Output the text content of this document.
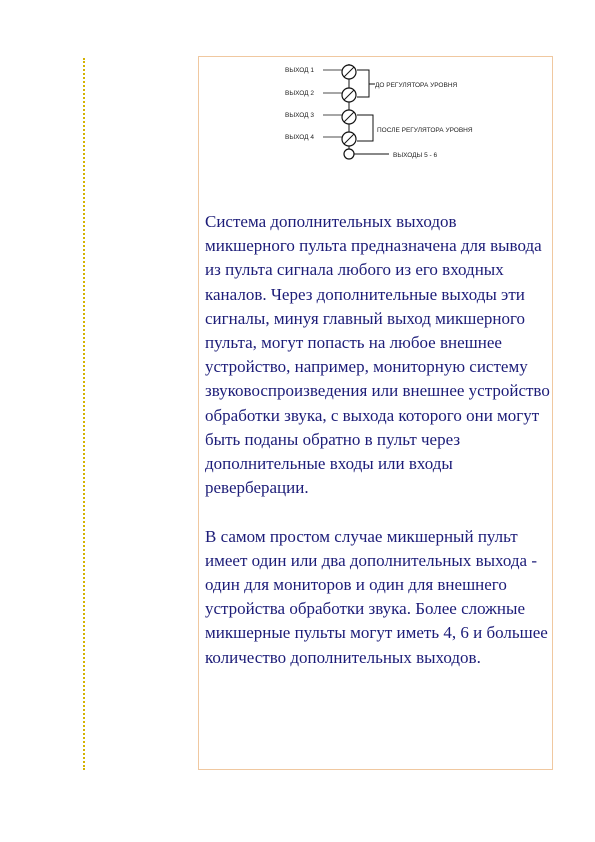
ВЫХОД 1
ВЫХОД 2
ВЫХОД 3
ВЫХОД 4
ДО РЕГУЛЯТОРА УРОВНЯ
ПОСЛЕ РЕГУЛЯТОРА УРОВНЯ
ВЫХОДЫ 5 - 6

Система дополнительных выходов микшерного пульта предназначена для вывода из пульта сигнала любого из его входных каналов. Через дополнительные выходы эти сигналы, минуя главный выход микшерного пульта, могут попасть на любое внешнее устройство, например, мониторную систему звуковоспроизведения или внешнее устройство обработки звука, с выхода которого они могут быть поданы обратно в пульт через дополнительные входы или входы реверберации.

В самом простом случае микшерный пульт имеет один или два дополнительных выхода - один для мониторов и один для внешнего устройства обработки звука. Более сложные микшерные пульты могут иметь 4, 6 и большее количество дополнительных выходов.
